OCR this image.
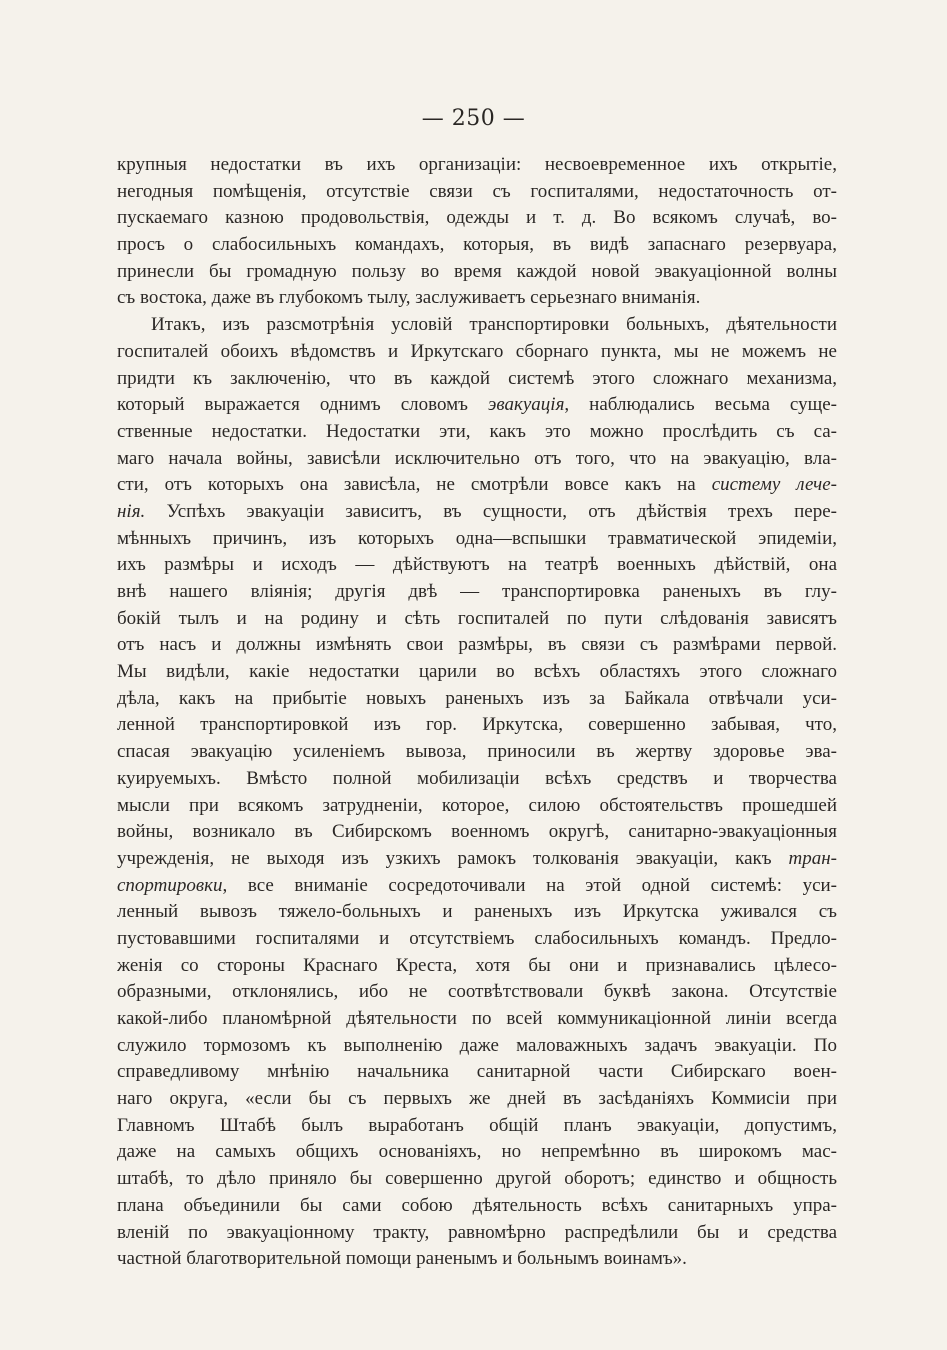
— 250 —
крупныя недостатки въ ихъ организаціи: несвоевременное ихъ открытіе,
негодныя помѣщенія, отсутствіе связи съ госпиталями, недостаточность от-
пускаемаго казною продовольствія, одежды и т. д. Во всякомъ случаѣ, во-
просъ о слабосильныхъ командахъ, которыя, въ видѣ запаснаго резервуара,
принесли бы громадную пользу во время каждой новой эвакуаціонной волны
съ востока, даже въ глубокомъ тылу, заслуживаетъ серьезнаго вниманія.
Итакъ, изъ разсмотрѣнія условій транспортировки больныхъ, дѣятельности
госпиталей обоихъ вѣдомствъ и Иркутскаго сборнаго пункта, мы не можемъ не
придти къ заключенію, что въ каждой системѣ этого сложнаго механизма,
который выражается однимъ словомъ эвакуація, наблюдались весьма суще-
ственные недостатки. Недостатки эти, какъ это можно прослѣдить съ са-
маго начала войны, зависѣли исключительно отъ того, что на эвакуацію, вла-
сти, отъ которыхъ она зависѣла, не смотрѣли вовсе какъ на систему лече-
нія. Успѣхъ эвакуаціи зависитъ, въ сущности, отъ дѣйствія трехъ пере-
мѣнныхъ причинъ, изъ которыхъ одна—вспышки травматической эпидеміи,
ихъ размѣры и исходъ — дѣйствуютъ на театрѣ военныхъ дѣйствій, она
внѣ нашего вліянія; другія двѣ — транспортировка раненыхъ въ глу-
бокій тылъ и на родину и сѣть госпиталей по пути слѣдованія зависятъ
отъ насъ и должны измѣнять свои размѣры, въ связи съ размѣрами первой.
Мы видѣли, какіе недостатки царили во всѣхъ областяхъ этого сложнаго
дѣла, какъ на прибытіе новыхъ раненыхъ изъ за Байкала отвѣчали уси-
ленной транспортировкой изъ гор. Иркутска, совершенно забывая, что,
спасая эвакуацію усиленіемъ вывоза, приносили въ жертву здоровье эва-
куируемыхъ. Вмѣсто полной мобилизаціи всѣхъ средствъ и творчества
мысли при всякомъ затрудненіи, которое, силою обстоятельствъ прошедшей
войны, возникало въ Сибирскомъ военномъ округѣ, санитарно-эвакуаціонныя
учрежденія, не выходя изъ узкихъ рамокъ толкованія эвакуаціи, какъ тран-
спортировки, все вниманіе сосредоточивали на этой одной системѣ: уси-
ленный вывозъ тяжело-больныхъ и раненыхъ изъ Иркутска уживался съ
пустовавшими госпиталями и отсутствіемъ слабосильныхъ командъ. Предло-
женія со стороны Краснаго Креста, хотя бы они и признавались цѣлесо-
образными, отклонялись, ибо не соотвѣтствовали буквѣ закона. Отсутствіе
какой-либо планомѣрной дѣятельности по всей коммуникаціонной линіи всегда
служило тормозомъ къ выполненію даже маловажныхъ задачъ эвакуаціи. По
справедливому мнѣнію начальника санитарной части Сибирскаго воен-
наго округа, «если бы съ первыхъ же дней въ засѣданіяхъ Коммисіи при
Главномъ Штабѣ былъ выработанъ общій планъ эвакуаціи, допустимъ,
даже на самыхъ общихъ основаніяхъ, но непремѣнно въ широкомъ мас-
штабѣ, то дѣло приняло бы совершенно другой оборотъ; единство и общность
плана объединили бы сами собою дѣятельность всѣхъ санитарныхъ упра-
вленій по эвакуаціонному тракту, равномѣрно распредѣлили бы и средства
частной благотворительной помощи раненымъ и больнымъ воинамъ».
